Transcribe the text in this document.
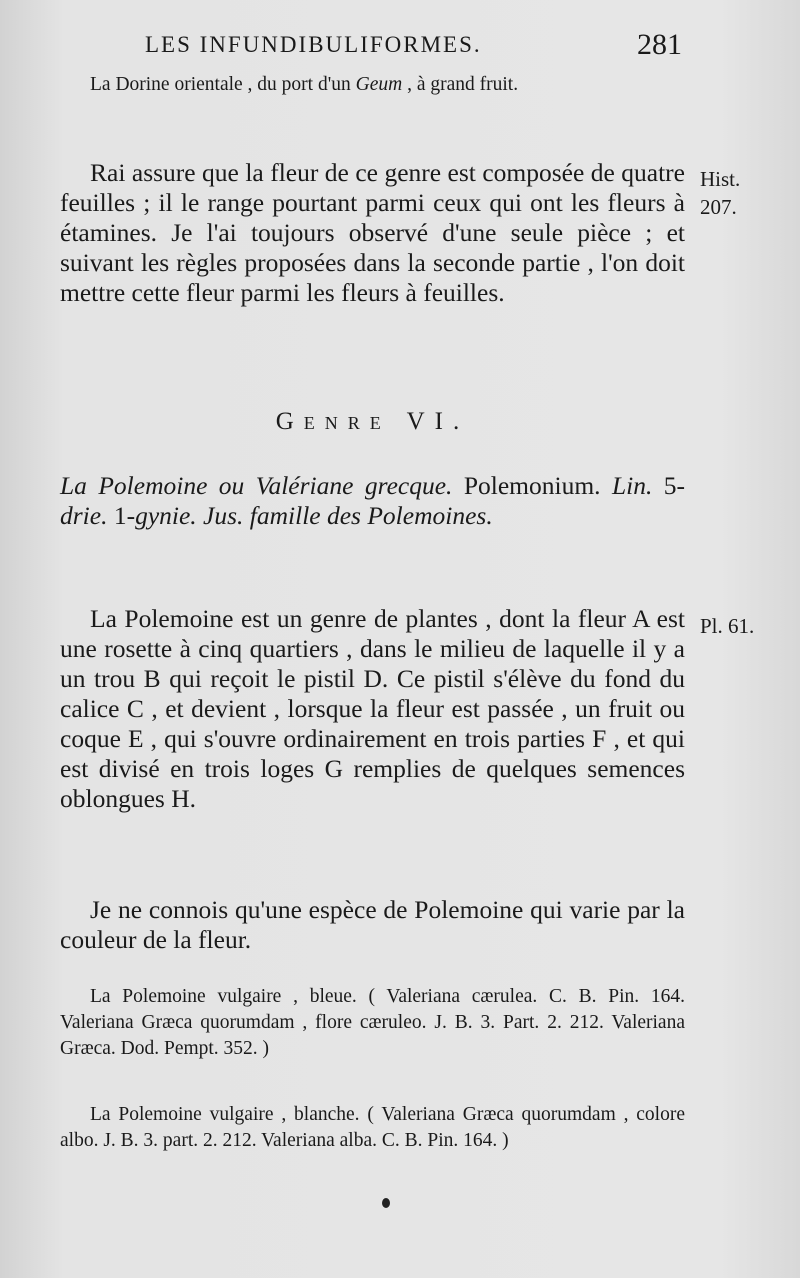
LES INFUNDIBULIFORMES.	281
La Dorine orientale , du port d'un Geum , à grand fruit.
Rai assure que la fleur de ce genre est composée de quatre feuilles ; il le range pourtant parmi ceux qui ont les fleurs à étamines. Je l'ai toujours observé d'une seule pièce ; et suivant les règles proposées dans la seconde partie , l'on doit mettre cette fleur parmi les fleurs à feuilles.
Hist.
207.
Genre VI.
La Polemoine ou Valériane grecque. Polemonium. Lin. 5-drie. 1-gynie. Jus. famille des Polemoines.
La Polemoine est un genre de plantes , dont la fleur A est une rosette à cinq quartiers , dans le milieu de laquelle il y a un trou B qui reçoit le pistil D. Ce pistil s'élève du fond du calice C , et devient , lorsque la fleur est passée , un fruit ou coque E , qui s'ouvre ordinairement en trois parties F , et qui est divisé en trois loges G remplies de quelques semences oblongues H.
Pl. 61.
Je ne connois qu'une espèce de Polemoine qui varie par la couleur de la fleur.
La Polemoine vulgaire , bleue. ( Valeriana cærulea. C. B. Pin. 164. Valeriana Græca quorumdam , flore cæruleo. J. B. 3. Part. 2. 212. Valeriana Græca. Dod. Pempt. 352. )
La Polemoine vulgaire , blanche. ( Valeriana Græca quorumdam , colore albo. J. B. 3. part. 2. 212. Valeriana alba. C. B. Pin. 164. )
